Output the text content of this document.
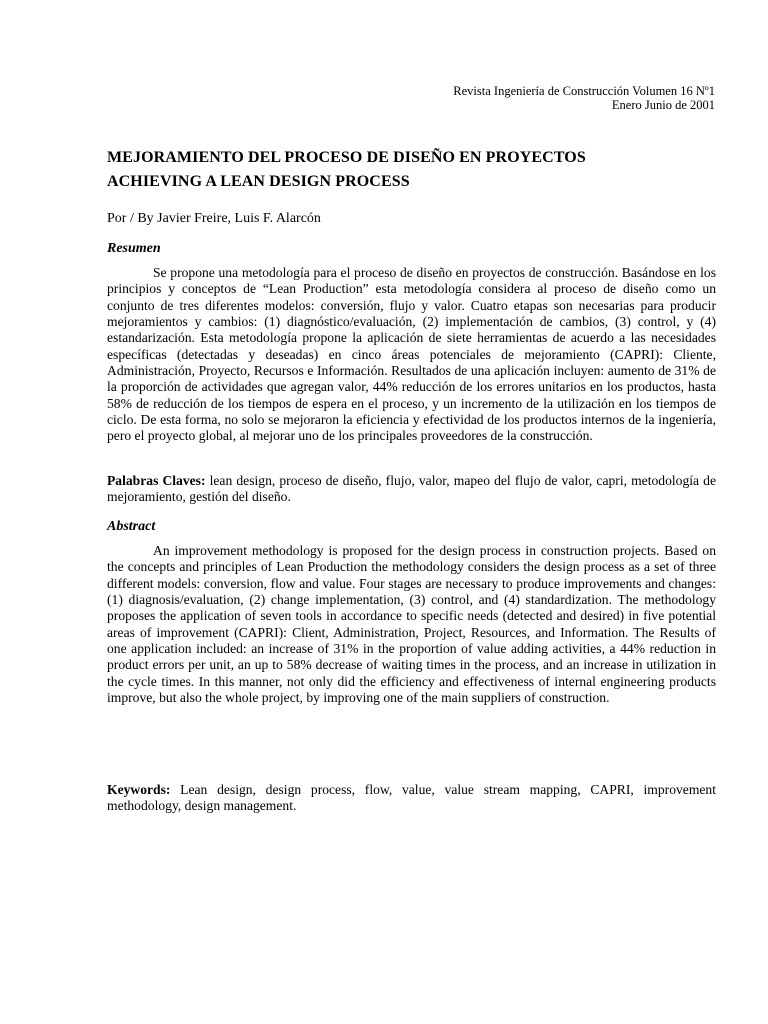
Revista Ingeniería de Construcción Volumen 16 Nº1
Enero Junio de 2001
MEJORAMIENTO DEL PROCESO DE DISEÑO EN PROYECTOS
ACHIEVING A LEAN DESIGN PROCESS
Por / By Javier Freire, Luis F. Alarcón
Resumen
Se propone una metodología para el proceso de diseño en proyectos de construcción. Basándose en los principios y conceptos de “Lean Production” esta metodología considera al proceso de diseño como un conjunto de tres diferentes modelos: conversión, flujo y valor. Cuatro etapas son necesarias para producir mejoramientos y cambios: (1) diagnóstico/evaluación, (2) implementación de cambios, (3) control, y (4) estandarización. Esta metodología propone la aplicación de siete herramientas de acuerdo a las necesidades específicas (detectadas y deseadas) en cinco áreas potenciales de mejoramiento (CAPRI): Cliente, Administración, Proyecto, Recursos e Información. Resultados de una aplicación incluyen: aumento de 31% de la proporción de actividades que agregan valor, 44% reducción de los errores unitarios en los productos, hasta 58% de reducción de los tiempos de espera en el proceso, y un incremento de la utilización en los tiempos de ciclo. De esta forma, no solo se mejoraron la eficiencia y efectividad de los productos internos de la ingeniería, pero el proyecto global, al mejorar uno de los principales proveedores de la construcción.
Palabras Claves: lean design, proceso de diseño, flujo, valor, mapeo del flujo de valor, capri, metodología de mejoramiento, gestión del diseño.
Abstract
An improvement methodology is proposed for the design process in construction projects. Based on the concepts and principles of Lean Production the methodology considers the design process as a set of three different models: conversion, flow and value. Four stages are necessary to produce improvements and changes: (1) diagnosis/evaluation, (2) change implementation, (3) control, and (4) standardization. The methodology proposes the application of seven tools in accordance to specific needs (detected and desired) in five potential areas of improvement (CAPRI): Client, Administration, Project, Resources, and Information. The Results of one application included: an increase of 31% in the proportion of value adding activities, a 44% reduction in product errors per unit, an up to 58% decrease of waiting times in the process, and an increase in utilization in the cycle times. In this manner, not only did the efficiency and effectiveness of internal engineering products improve, but also the whole project, by improving one of the main suppliers of construction.
Keywords: Lean design, design process, flow, value, value stream mapping, CAPRI, improvement methodology, design management.
